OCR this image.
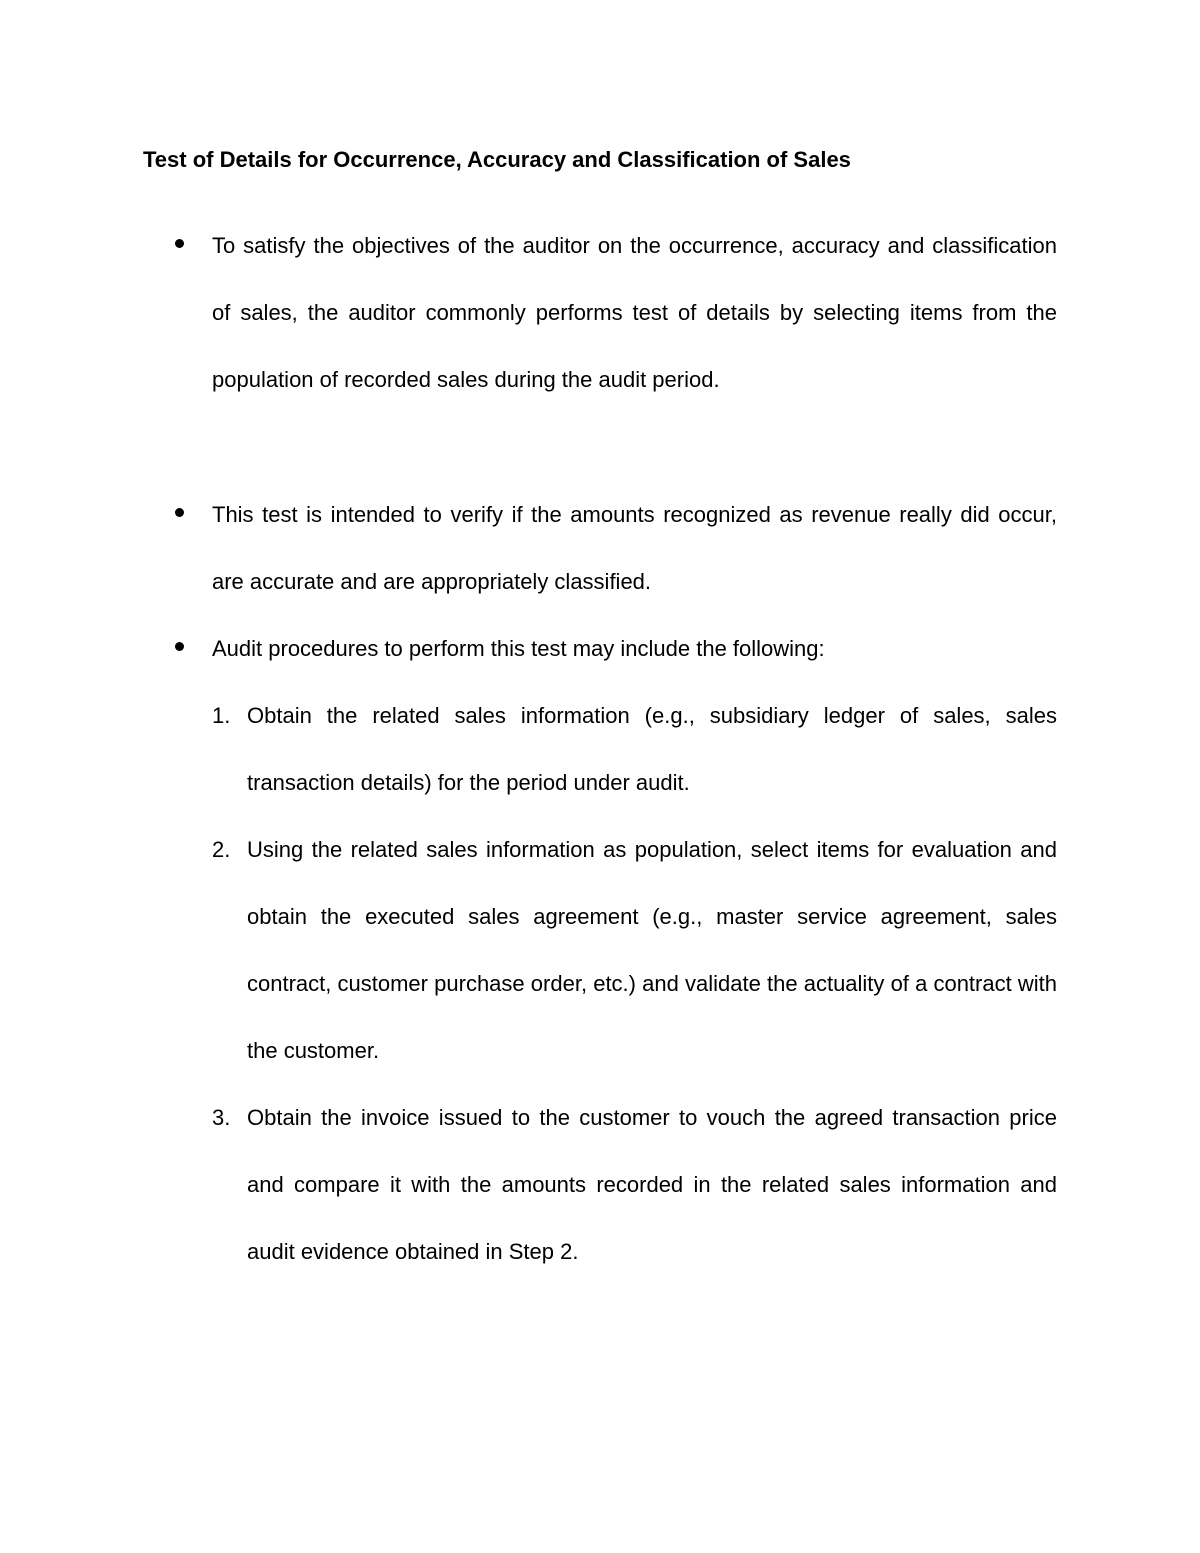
Test of Details for Occurrence, Accuracy and Classification of Sales
To satisfy the objectives of the auditor on the occurrence, accuracy and classification of sales, the auditor commonly performs test of details by selecting items from the population of recorded sales during the audit period.
This test is intended to verify if the amounts recognized as revenue really did occur, are accurate and are appropriately classified.
Audit procedures to perform this test may include the following:
1. Obtain the related sales information (e.g., subsidiary ledger of sales, sales transaction details) for the period under audit.
2. Using the related sales information as population, select items for evaluation and obtain the executed sales agreement (e.g., master service agreement, sales contract, customer purchase order, etc.) and validate the actuality of a contract with the customer.
3. Obtain the invoice issued to the customer to vouch the agreed transaction price and compare it with the amounts recorded in the related sales information and audit evidence obtained in Step 2.
